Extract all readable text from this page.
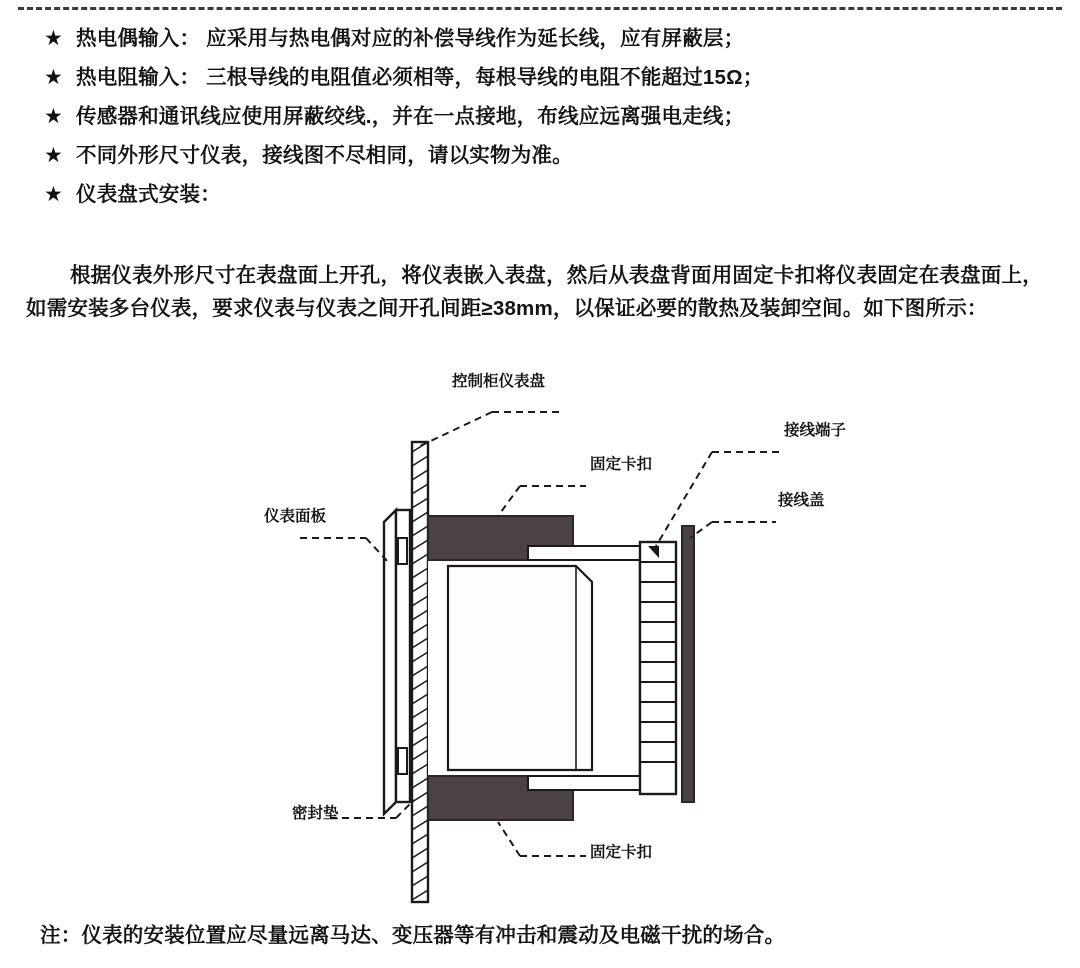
★ 热电偶输入： 应采用与热电偶对应的补偿导线作为延长线，应有屏蔽层；
★ 热电阻输入： 三根导线的电阻值必须相等，每根导线的电阻不能超过15Ω；
★ 传感器和通讯线应使用屏蔽绞线.，并在一点接地，布线应远离强电走线；
★ 不同外形尺寸仪表，接线图不尽相同，请以实物为准。
★ 仪表盘式安装：
根据仪表外形尺寸在表盘面上开孔，将仪表嵌入表盘，然后从表盘背面用固定卡扣将仪表固定在表盘面上，如需安装多台仪表，要求仪表与仪表之间开孔间距≥38mm，以保证必要的散热及装卸空间。如下图所示：
控制柜仪表盘
固定卡扣
接线端子
仪表面板
接线盖
密封垫
固定卡扣
注：仪表的安装位置应尽量远离马达、变压器等有冲击和震动及电磁干扰的场合。
